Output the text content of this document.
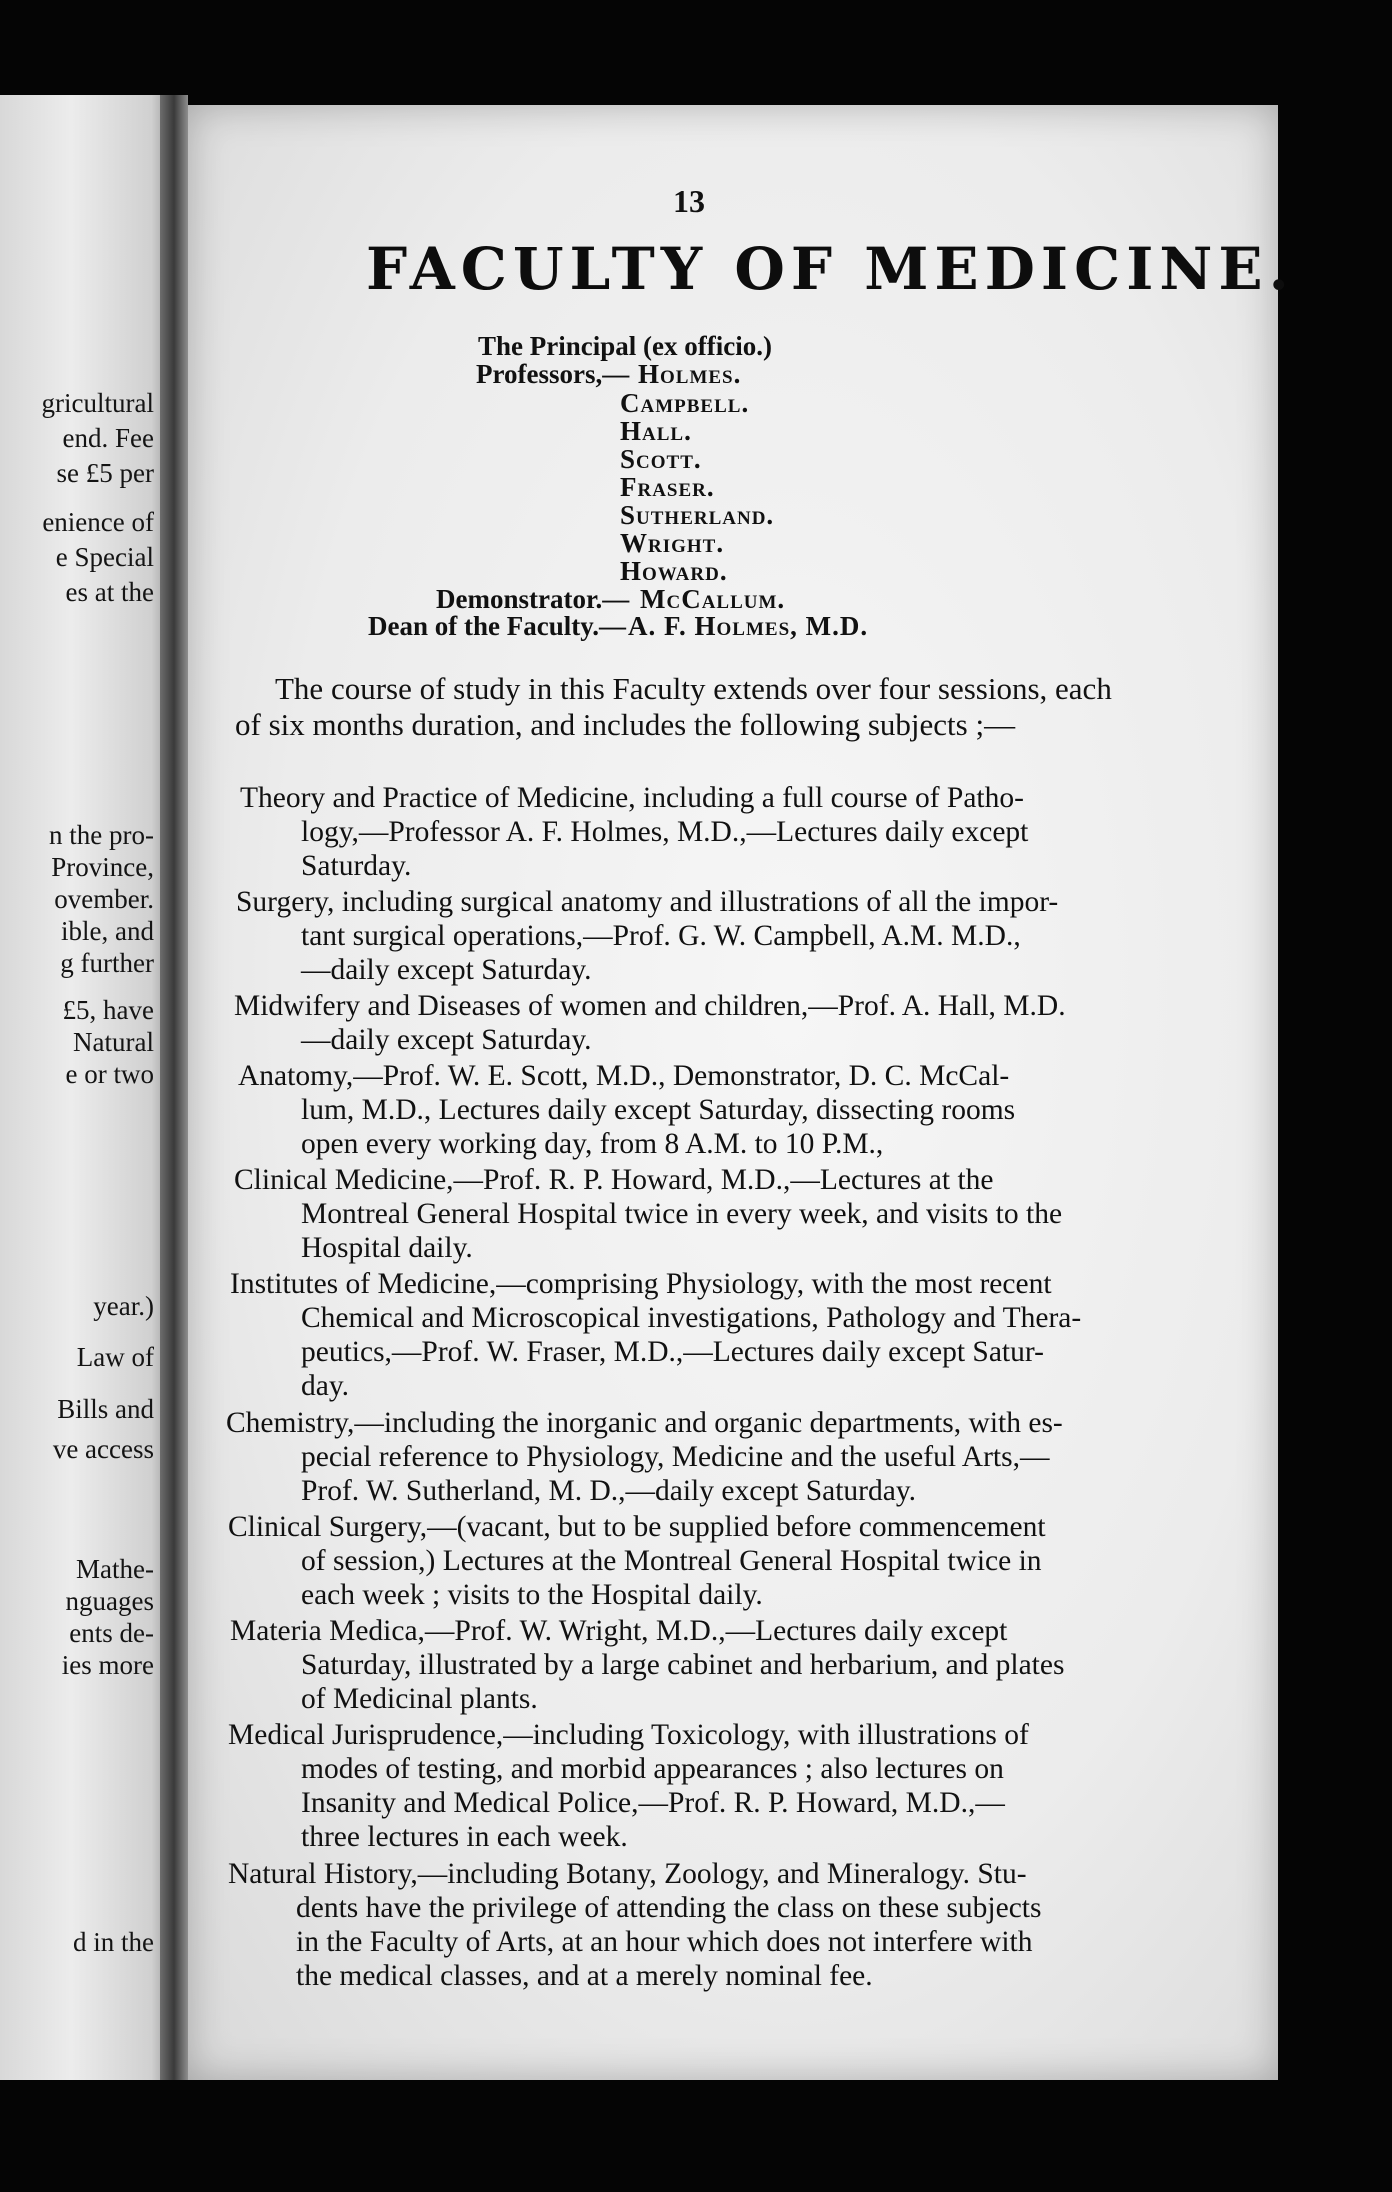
gricultural
end. Fee
se £5 per
enience of
e Special
es at the
n the pro-
Province,
ovember.
ible, and
g further
£5, have
Natural
e or two
year.)
Law of
Bills and
ve access
Mathe-
nguages
ents de-
ies more
d in the
13
FACULTY OF MEDICINE.
The Principal (ex officio.)
Professors,— Holmes.
Campbell.
Hall.
Scott.
Fraser.
Sutherland.
Wright.
Howard.
Demonstrator.— McCallum.
Dean of the Faculty.— A. F. Holmes, M.D.
The course of study in this Faculty extends over four sessions, each
of six months duration, and includes the following subjects ;—
Theory and Practice of Medicine, including a full course of Patho-
logy,—Professor A. F. Holmes, M.D.,—Lectures daily except
Saturday.
Surgery, including surgical anatomy and illustrations of all the impor-
tant surgical operations,—Prof. G. W. Campbell, A.M. M.D.,
—daily except Saturday.
Midwifery and Diseases of women and children,—Prof. A. Hall, M.D.
—daily except Saturday.
Anatomy,—Prof. W. E. Scott, M.D., Demonstrator, D. C. McCal-
lum, M.D., Lectures daily except Saturday, dissecting rooms
open every working day, from 8 A.M. to 10 P.M.,
Clinical Medicine,—Prof. R. P. Howard, M.D.,—Lectures at the
Montreal General Hospital twice in every week, and visits to the
Hospital daily.
Institutes of Medicine,—comprising Physiology, with the most recent
Chemical and Microscopical investigations, Pathology and Thera-
peutics,—Prof. W. Fraser, M.D.,—Lectures daily except Satur-
day.
Chemistry,—including the inorganic and organic departments, with es-
pecial reference to Physiology, Medicine and the useful Arts,—
Prof. W. Sutherland, M. D.,—daily except Saturday.
Clinical Surgery,—(vacant, but to be supplied before commencement
of session,) Lectures at the Montreal General Hospital twice in
each week ; visits to the Hospital daily.
Materia Medica,—Prof. W. Wright, M.D.,—Lectures daily except
Saturday, illustrated by a large cabinet and herbarium, and plates
of Medicinal plants.
Medical Jurisprudence,—including Toxicology, with illustrations of
modes of testing, and morbid appearances ; also lectures on
Insanity and Medical Police,—Prof. R. P. Howard, M.D.,—
three lectures in each week.
Natural History,—including Botany, Zoology, and Mineralogy. Stu-
dents have the privilege of attending the class on these subjects
in the Faculty of Arts, at an hour which does not interfere with
the medical classes, and at a merely nominal fee.
